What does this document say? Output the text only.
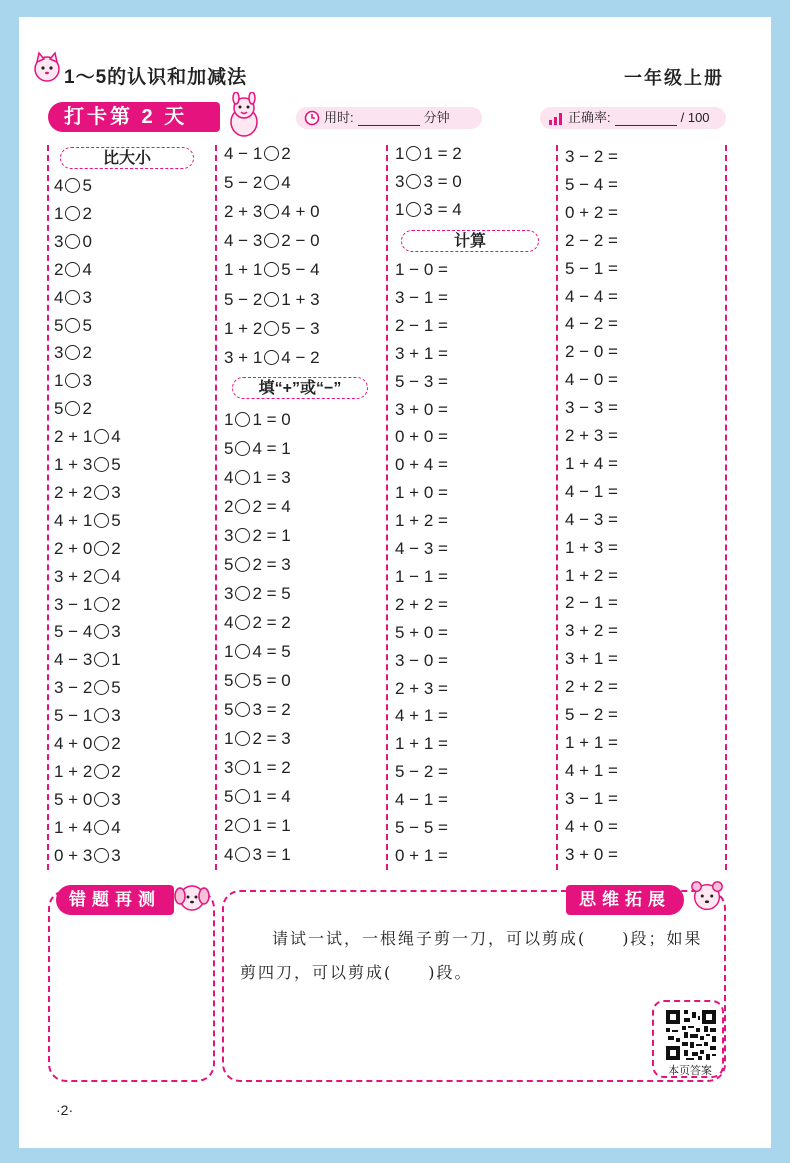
1～5的认识和加减法	一年级上册
打卡第 2 天	用时:	分钟	正确率:	/ 100
比大小
4 5
1 2
3 0
2 4
4 3
5 5
3 2
1 3
5 2
2 + 1 4
1 + 3 5
2 + 2 3
4 + 1 5
2 + 0 2
3 + 2 4
3 − 1 2
5 − 4 3
4 − 3 1
3 − 2 5
5 − 1 3
4 + 0 2
1 + 2 2
5 + 0 3
1 + 4 4
0 + 3 3
4 − 1 2
5 − 2 4
2 + 3 4 + 0
4 − 3 2 − 0
1 + 1 5 − 4
5 − 2 1 + 3
1 + 2 5 − 3
3 + 1 4 − 2
填“+”或“−”
1 1 = 0
5 4 = 1
4 1 = 3
2 2 = 4
3 2 = 1
5 2 = 3
3 2 = 5
4 2 = 2
1 4 = 5
5 5 = 0
5 3 = 2
1 2 = 3
3 1 = 2
5 1 = 4
2 1 = 1
4 3 = 1
1 1 = 2
3 3 = 0
1 3 = 4
计算
1 − 0 =
3 − 1 =
2 − 1 =
3 + 1 =
5 − 3 =
3 + 0 =
0 + 0 =
0 + 4 =
1 + 0 =
1 + 2 =
4 − 3 =
1 − 1 =
2 + 2 =
5 + 0 =
3 − 0 =
2 + 3 =
4 + 1 =
1 + 1 =
5 − 2 =
4 − 1 =
5 − 5 =
0 + 1 =
3 − 2 =
5 − 4 =
0 + 2 =
2 − 2 =
5 − 1 =
4 − 4 =
4 − 2 =
2 − 0 =
4 − 0 =
3 − 3 =
2 + 3 =
1 + 4 =
4 − 1 =
4 − 3 =
1 + 3 =
1 + 2 =
2 − 1 =
3 + 2 =
3 + 1 =
2 + 2 =
5 − 2 =
1 + 1 =
4 + 1 =
3 − 1 =
4 + 0 =
3 + 0 =
错题再测	思维拓展
请试一试，一根绳子剪一刀，可以剪成(　　)段；如果剪四刀，可以剪成(　　)段。
本页答案
·2·
